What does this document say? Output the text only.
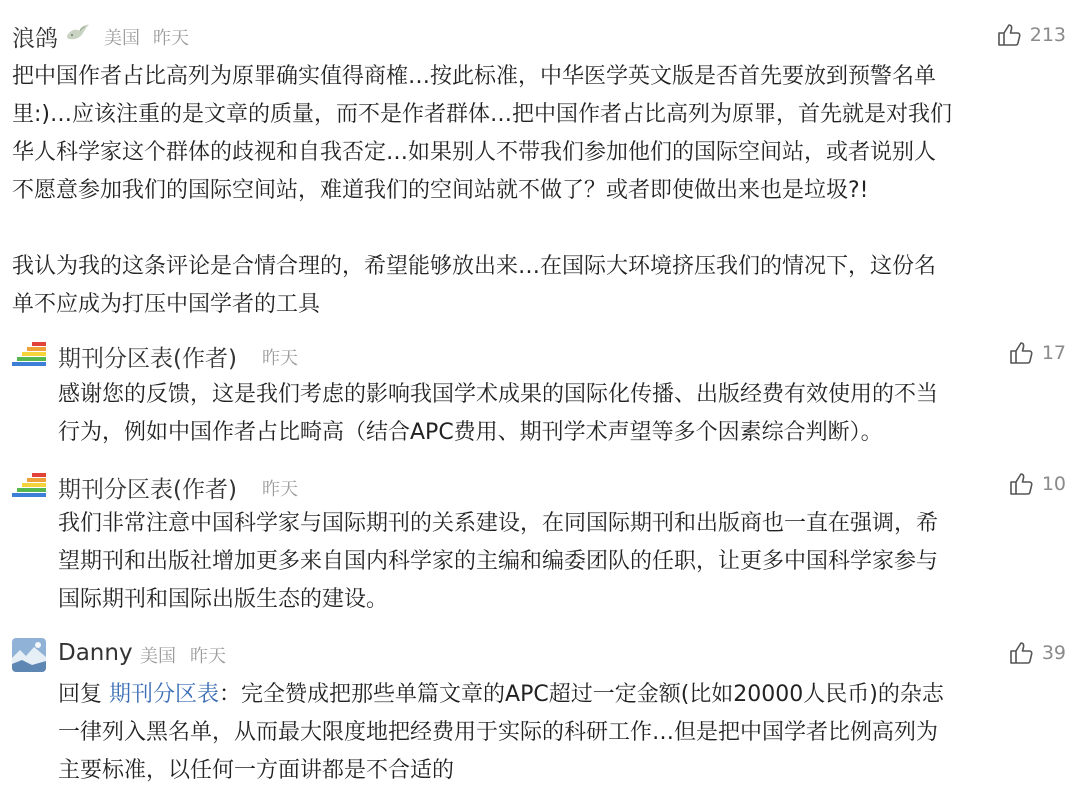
浪鸽	美国 昨天	213
把中国作者占比高列为原罪确实值得商榷…按此标准，中华医学英文版是否首先要放到预警名单
里:)…应该注重的是文章的质量，而不是作者群体…把中国作者占比高列为原罪，首先就是对我们
华人科学家这个群体的歧视和自我否定…如果别人不带我们参加他们的国际空间站，或者说别人
不愿意参加我们的国际空间站，难道我们的空间站就不做了？或者即使做出来也是垃圾?!
我认为我的这条评论是合情合理的，希望能够放出来…在国际大环境挤压我们的情况下，这份名
单不应成为打压中国学者的工具
期刊分区表(作者) 昨天	17
感谢您的反馈，这是我们考虑的影响我国学术成果的国际化传播、出版经费有效使用的不当
行为，例如中国作者占比畸高（结合APC费用、期刊学术声望等多个因素综合判断）。
期刊分区表(作者) 昨天	10
我们非常注意中国科学家与国际期刊的关系建设，在同国际期刊和出版商也一直在强调，希
望期刊和出版社增加更多来自国内科学家的主编和编委团队的任职，让更多中国科学家参与
国际期刊和国际出版生态的建设。
Danny 美国 昨天	39
回复 期刊分区表：完全赞成把那些单篇文章的APC超过一定金额(比如20000人民币)的杂志
一律列入黑名单，从而最大限度地把经费用于实际的科研工作…但是把中国学者比例高列为
主要标准，以任何一方面讲都是不合适的
